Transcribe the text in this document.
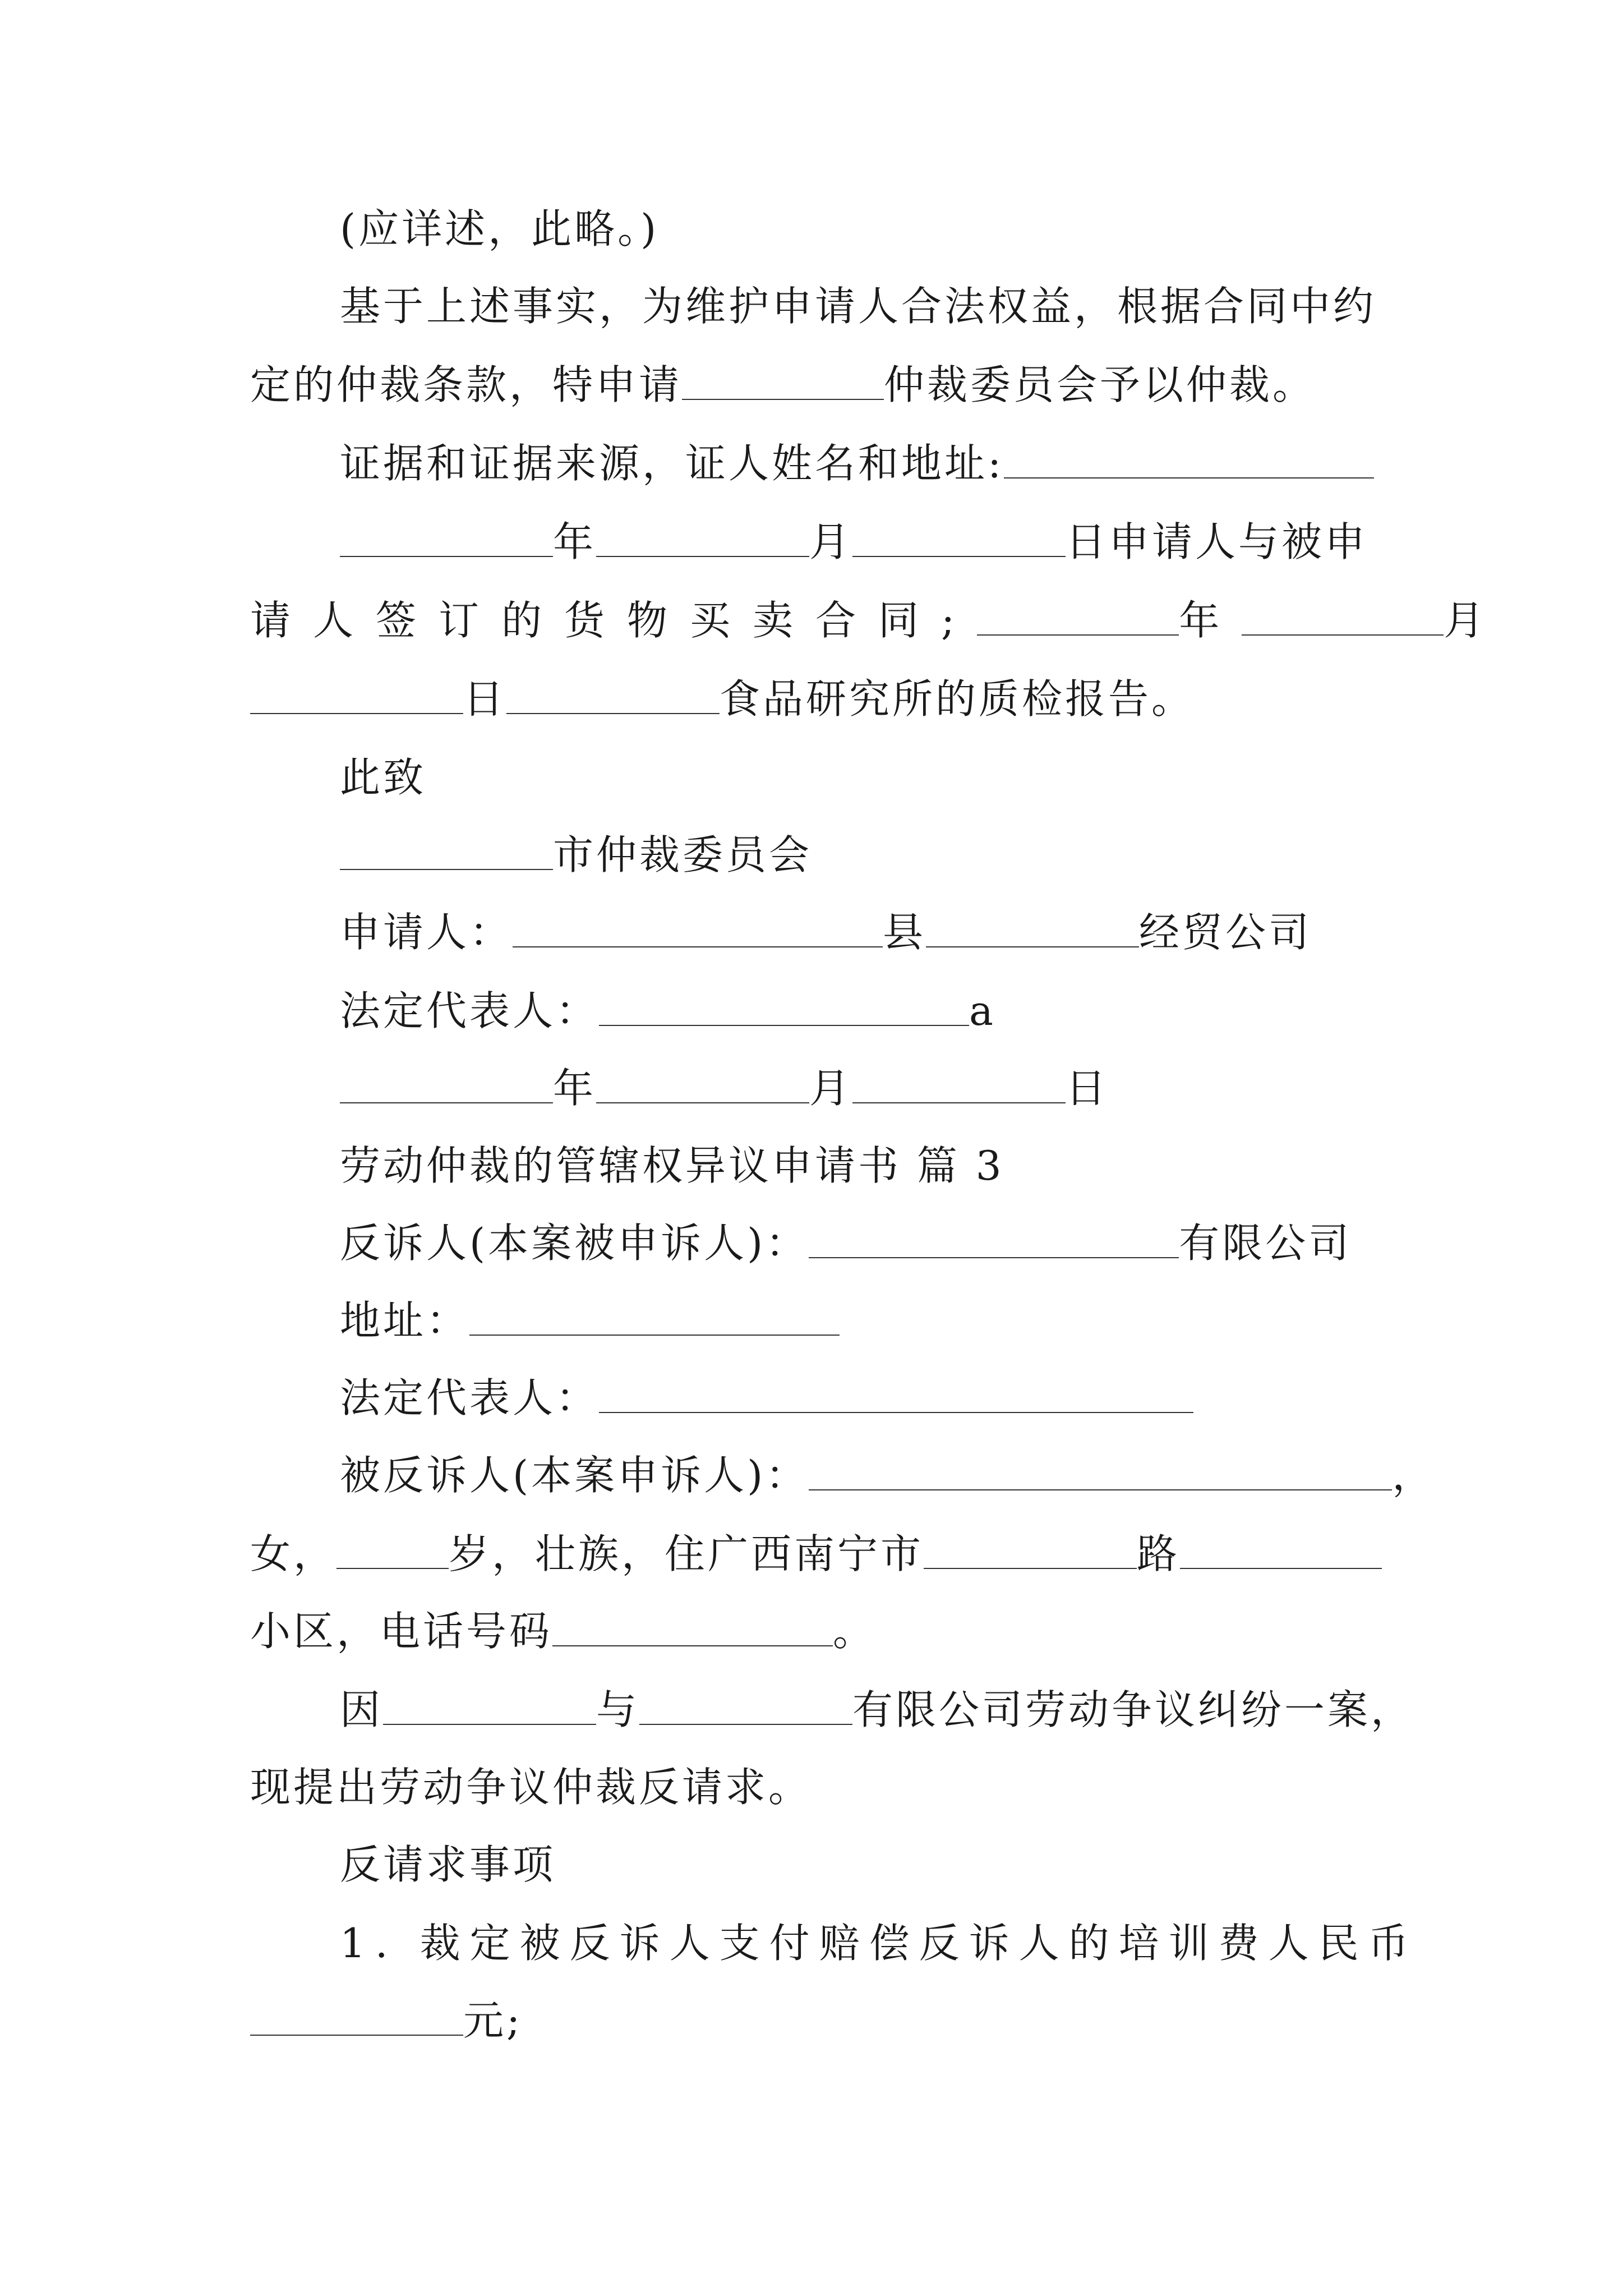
(应详述，此略。)

基于上述事实，为维护申请人合法权益，根据合同中约

定的仲裁条款，特申请	仲裁委员会予以仲裁。

证据和证据来源，证人姓名和地址:

年	月	日申请人与被申

请人签订的货物买卖合同;	年	月

日	食品研究所的质检报告。

此致

市仲裁委员会

申请人：	县	经贸公司

法定代表人：	a

年	月	日

劳动仲裁的管辖权异议申请书 篇 3

反诉人(本案被申诉人)：	有限公司

地址：

法定代表人：

被反诉人(本案申诉人)：	，

女，	岁，壮族，住广西南宁市	路

小区，电话号码	。

因	与	有限公司劳动争议纠纷一案，

现提出劳动争议仲裁反请求。

反请求事项

1. 裁定被反诉人支付赔偿反诉人的培训费人民币

元;
